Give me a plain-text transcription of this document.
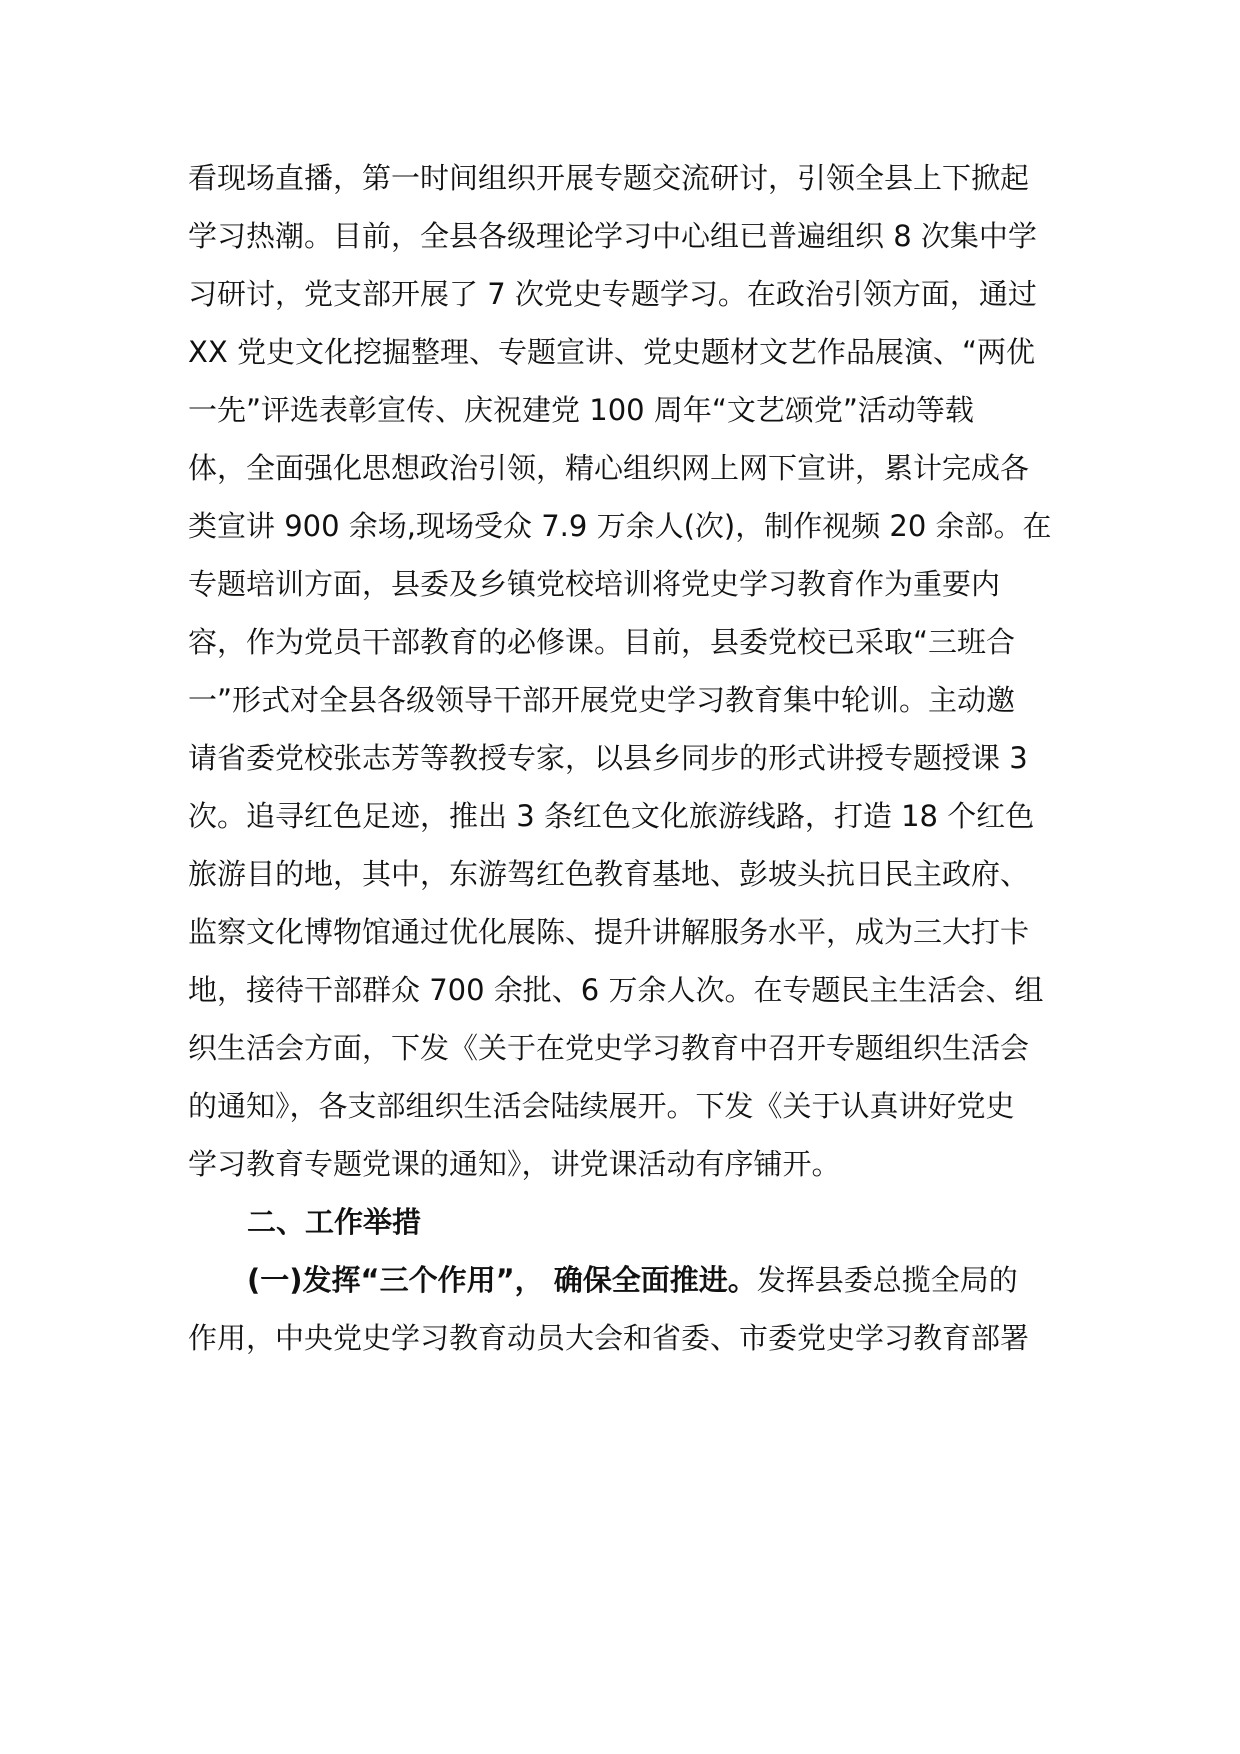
看现场直播，第一时间组织开展专题交流研讨，引领全县上下掀起
学习热潮。目前，全县各级理论学习中心组已普遍组织 8 次集中学
习研讨，党支部开展了 7 次党史专题学习。在政治引领方面，通过
XX 党史文化挖掘整理、专题宣讲、党史题材文艺作品展演、“两优
一先”评选表彰宣传、庆祝建党 100 周年“文艺颂党”活动等载
体，全面强化思想政治引领，精心组织网上网下宣讲，累计完成各
类宣讲 900 余场,现场受众 7.9 万余人(次)，制作视频 20 余部。在
专题培训方面，县委及乡镇党校培训将党史学习教育作为重要内
容，作为党员干部教育的必修课。目前，县委党校已采取“三班合
一”形式对全县各级领导干部开展党史学习教育集中轮训。主动邀
请省委党校张志芳等教授专家，以县乡同步的形式讲授专题授课 3
次。追寻红色足迹，推出 3 条红色文化旅游线路，打造 18 个红色
旅游目的地，其中，东游驾红色教育基地、彭坡头抗日民主政府、
监察文化博物馆通过优化展陈、提升讲解服务水平，成为三大打卡
地，接待干部群众 700 余批、6 万余人次。在专题民主生活会、组
织生活会方面，下发《关于在党史学习教育中召开专题组织生活会
的通知》，各支部组织生活会陆续展开。下发《关于认真讲好党史
学习教育专题党课的通知》，讲党课活动有序铺开。
二、工作举措
(一)发挥“三个作用”， 确保全面推进。发挥县委总揽全局的
作用，中央党史学习教育动员大会和省委、市委党史学习教育部署
